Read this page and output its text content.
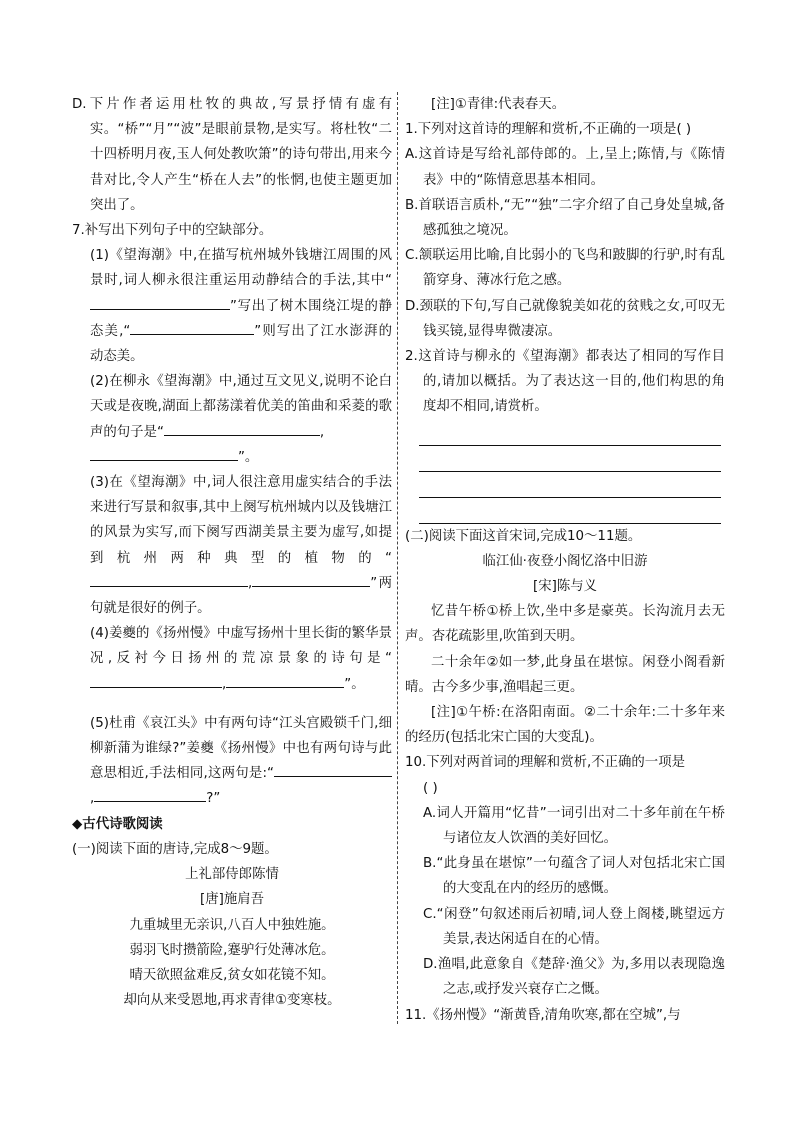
D.下片作者运用杜牧的典故,写景抒情有虚有实。“桥”“月”“波”是眼前景物,是实写。将杜牧“二十四桥明月夜,玉人何处教吹箫”的诗句带出,用来今昔对比,令人产生“桥在人去”的怅惘,也使主题更加突出了。

7.补写出下列句子中的空缺部分。

(1)《望海潮》中,在描写杭州城外钱塘江周围的风景时,词人柳永很注重运用动静结合的手法,其中“”写出了树木围绕江堤的静态美,“	”则写出了江水澎湃的动态美。

(2)在柳永《望海潮》中,通过互文见义,说明不论白天或是夜晚,湖面上都荡漾着优美的笛曲和采菱的歌声的句子是“	,
”。

(3)在《望海潮》中,词人很注意用虚实结合的手法来进行写景和叙事,其中上阕写杭州城内以及钱塘江的风景为实写,而下阕写西湖美景主要为虚写,如提到杭州两种典型的植物的“,	”两句就是很好的例子。

(4)姜夔的《扬州慢》中虚写扬州十里长街的繁华景况,反衬今日扬州的荒凉景象的诗句是“,	”。

(5)杜甫《哀江头》中有两句诗“江头宫殿锁千门,细柳新蒲为谁绿?”姜夔《扬州慢》中也有两句诗与此意思相近,手法相同,这两句是:“,	?”

◆古代诗歌阅读

(一)阅读下面的唐诗,完成8～9题。

上礼部侍郎陈情

[唐]施肩吾

九重城里无亲识,八百人中独姓施。

弱羽飞时攒箭险,蹇驴行处薄冰危。

晴天欲照盆难反,贫女如花镜不知。

却向从来受恩地,再求青律①变寒枝。

[注]①青律:代表春天。

1.下列对这首诗的理解和赏析,不正确的一项是( )

A.这首诗是写给礼部侍郎的。上,呈上;陈情,与《陈情表》中的“陈情意思基本相同。

B.首联语言质朴,“无”“独”二字介绍了自己身处皇城,备感孤独之境况。

C.颔联运用比喻,自比弱小的飞鸟和跛脚的行驴,时有乱箭穿身、薄冰行危之感。

D.颈联的下句,写自己就像貌美如花的贫贱之女,可叹无钱买镜,显得卑微凄凉。

2.这首诗与柳永的《望海潮》都表达了相同的写作目的,请加以概括。为了表达这一目的,他们构思的角度却不相同,请赏析。

(二)阅读下面这首宋词,完成10～11题。

临江仙·夜登小阁忆洛中旧游

[宋]陈与义

忆昔午桥①桥上饮,坐中多是豪英。长沟流月去无声。杏花疏影里,吹笛到天明。

二十余年②如一梦,此身虽在堪惊。闲登小阁看新晴。古今多少事,渔唱起三更。

[注]①午桥:在洛阳南面。②二十余年:二十多年来的经历(包括北宋亡国的大变乱)。

10.下列对两首词的理解和赏析,不正确的一项是

( )

A.词人开篇用“忆昔”一词引出对二十多年前在午桥与诸位友人饮酒的美好回忆。

B.“此身虽在堪惊”一句蕴含了词人对包括北宋亡国的大变乱在内的经历的感慨。

C.“闲登”句叙述雨后初晴,词人登上阁楼,眺望远方美景,表达闲适自在的心情。

D.渔唱,此意象自《楚辞·渔父》为,多用以表现隐逸之志,或抒发兴衰存亡之慨。

11.《扬州慢》“渐黄昏,清角吹寒,都在空城”,与
